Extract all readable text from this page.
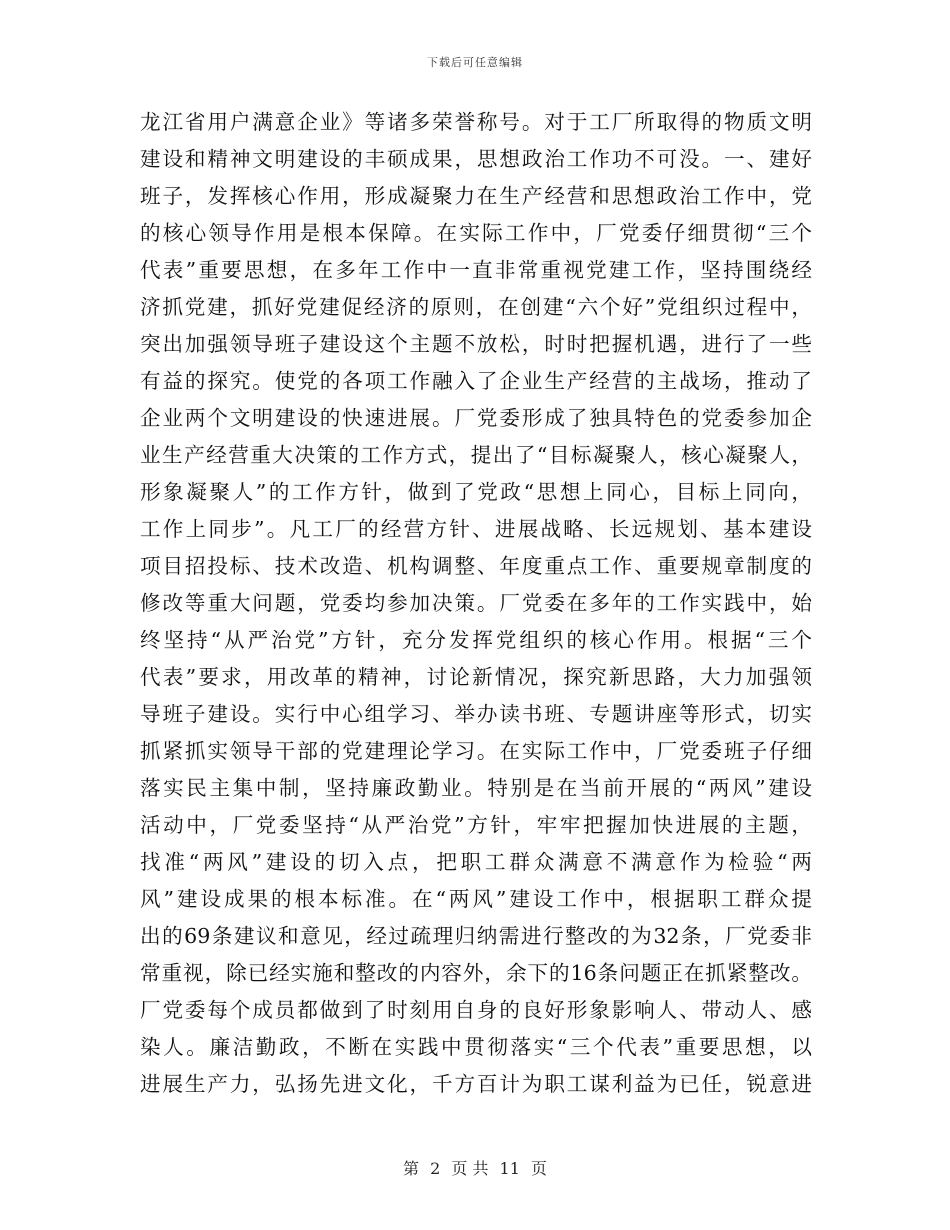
下载后可任意编辑
龙江省用户满意企业》等诸多荣誉称号。对于工厂所取得的物质文明
建设和精神文明建设的丰硕成果，思想政治工作功不可没。一、建好
班子，发挥核心作用，形成凝聚力在生产经营和思想政治工作中，党
的核心领导作用是根本保障。在实际工作中，厂党委仔细贯彻“三个
代表”重要思想，在多年工作中一直非常重视党建工作，坚持围绕经
济抓党建，抓好党建促经济的原则，在创建“六个好”党组织过程中，
突出加强领导班子建设这个主题不放松，时时把握机遇，进行了一些
有益的探究。使党的各项工作融入了企业生产经营的主战场，推动了
企业两个文明建设的快速进展。厂党委形成了独具特色的党委参加企
业生产经营重大决策的工作方式，提出了“目标凝聚人，核心凝聚人，
形象凝聚人”的工作方针，做到了党政“思想上同心，目标上同向，
工作上同步”。凡工厂的经营方针、进展战略、长远规划、基本建设
项目招投标、技术改造、机构调整、年度重点工作、重要规章制度的
修改等重大问题，党委均参加决策。厂党委在多年的工作实践中，始
终坚持“从严治党”方针，充分发挥党组织的核心作用。根据“三个
代表”要求，用改革的精神，讨论新情况，探究新思路，大力加强领
导班子建设。实行中心组学习、举办读书班、专题讲座等形式，切实
抓紧抓实领导干部的党建理论学习。在实际工作中，厂党委班子仔细
落实民主集中制，坚持廉政勤业。特别是在当前开展的“两风”建设
活动中，厂党委坚持“从严治党”方针，牢牢把握加快进展的主题，
找准“两风”建设的切入点，把职工群众满意不满意作为检验“两
风”建设成果的根本标准。在“两风”建设工作中，根据职工群众提
出的69条建议和意见，经过疏理归纳需进行整改的为32条，厂党委非
常重视，除已经实施和整改的内容外，余下的16条问题正在抓紧整改。
厂党委每个成员都做到了时刻用自身的良好形象影响人、带动人、感
染人。廉洁勤政，不断在实践中贯彻落实“三个代表”重要思想，以
进展生产力，弘扬先进文化，千方百计为职工谋利益为已任，锐意进
第 2 页 共 11 页
